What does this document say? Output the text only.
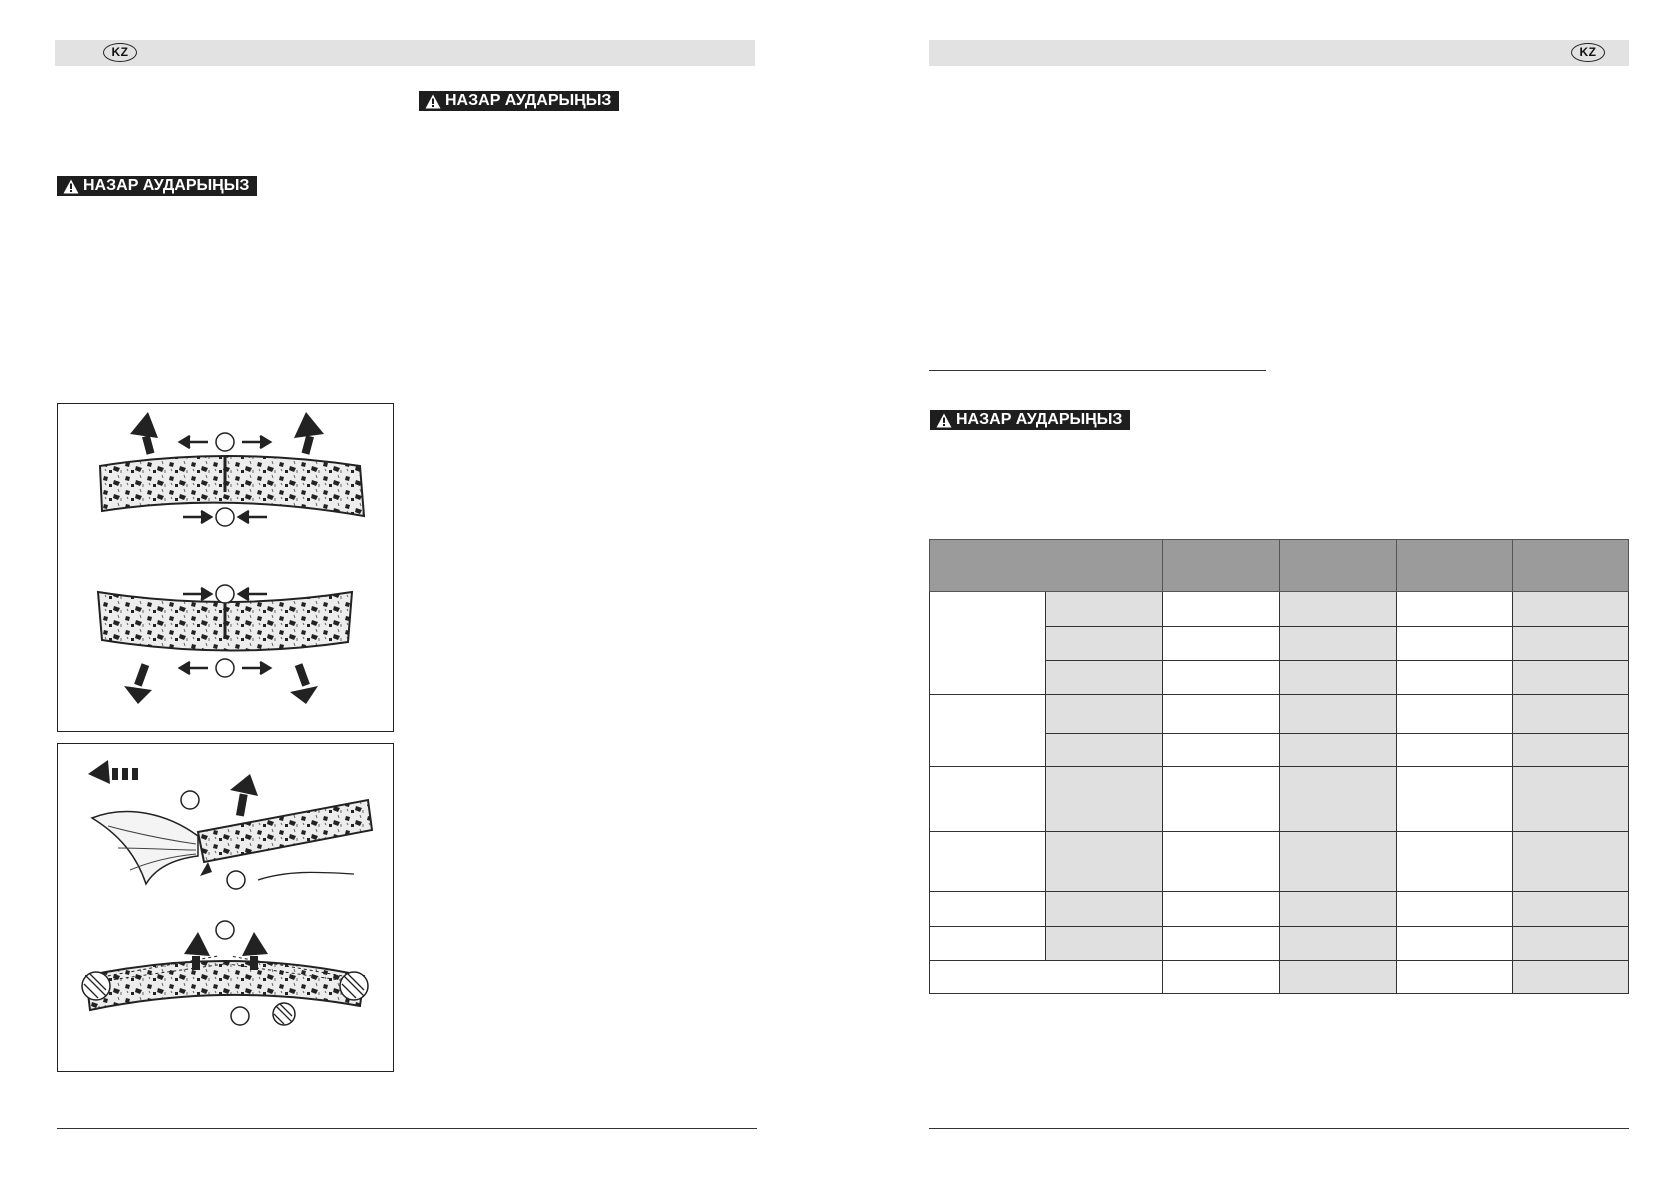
KZ
НАЗАР АУДАРЫҢЫЗ
НАЗАР АУДАРЫҢЫЗ
KZ
НАЗАР АУДАРЫҢЫЗ
